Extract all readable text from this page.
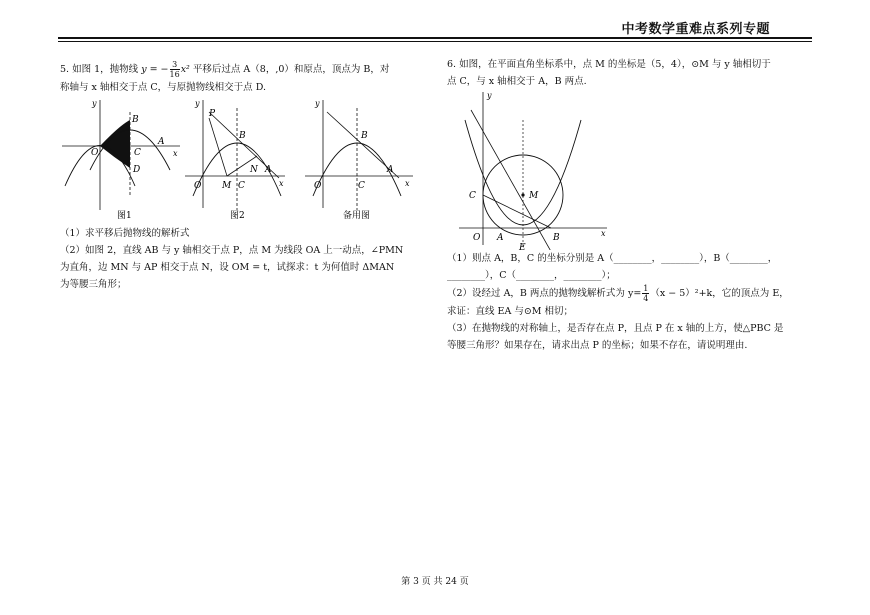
中考数学重难点系列专题

5. 如图 1，抛物线 y = − $\frac{3}{16} x^2$ 平移后过点 A（8，,0）和原点，顶点为 B，对

称轴与 x 轴相交于点 C，与原抛物线相交于点 D.

O
B
C
D
A
x
y
图1
P
B
O M C
N A
x
y
图2
B
O	C
A
x
y
备用图

（1）求平移后抛物线的解析式

（2）如图 2，直线 AB 与 y 轴相交于点 P，点 M 为线段 OA 上一动点，∠PMN

为直角，边 MN 与 AP 相交于点 N，设 OM = t，试探求：t 为何值时 ΔMAN

为等腰三角形；

6. 如图，在平面直角坐标系中，点 M 的坐标是（5，4），⊙M 与 y 轴相切于

点 C，与 x 轴相交于 A，B 两点.

M
C
O A	B
E
x
y

（1）则点 A，B，C 的坐标分别是 A（________，________），B（________，

________），C（________，________）；

（2）设经过 A，B 两点的抛物线解析式为 $y= \frac{1}{4} (x - 5)^2+k$，它的顶点为 E，

求证：直线 EA 与⊙M 相切；

（3）在抛物线的对称轴上，是否存在点 P，且点 P 在 x 轴的上方，使△PBC 是

等腰三角形？如果存在，请求出点 P 的坐标；如果不存在，请说明理由.

第 3 页 共 24 页
